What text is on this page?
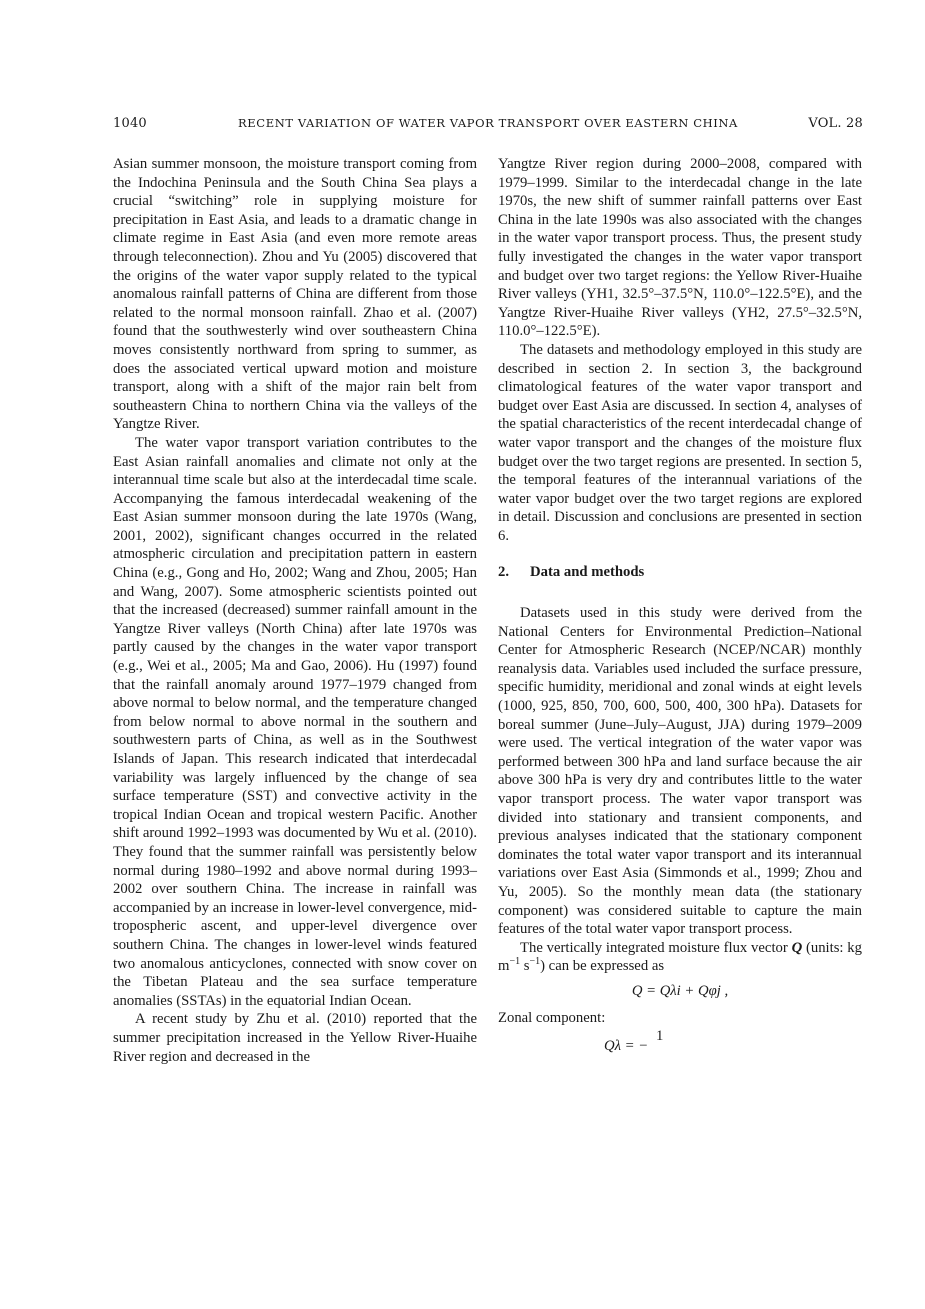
1040	RECENT VARIATION OF WATER VAPOR TRANSPORT OVER EASTERN CHINA	VOL. 28

Asian summer monsoon, the moisture transport coming from the Indochina Peninsula and the South China Sea plays a crucial “switching” role in supplying moisture for precipitation in East Asia, and leads to a dramatic change in climate regime in East Asia (and even more remote areas through teleconnection). Zhou and Yu (2005) discovered that the origins of the water vapor supply related to the typical anomalous rainfall patterns of China are different from those related to the normal monsoon rainfall. Zhao et al. (2007) found that the southwesterly wind over southeastern China moves consistently northward from spring to summer, as does the associated vertical upward motion and moisture transport, along with a shift of the major rain belt from southeastern China to northern China via the valleys of the Yangtze River.

The water vapor transport variation contributes to the East Asian rainfall anomalies and climate not only at the interannual time scale but also at the interdecadal time scale. Accompanying the famous interdecadal weakening of the East Asian summer monsoon during the late 1970s (Wang, 2001, 2002), significant changes occurred in the related atmospheric circulation and precipitation pattern in eastern China (e.g., Gong and Ho, 2002; Wang and Zhou, 2005; Han and Wang, 2007). Some atmospheric scientists pointed out that the increased (decreased) summer rainfall amount in the Yangtze River valleys (North China) after late 1970s was partly caused by the changes in the water vapor transport (e.g., Wei et al., 2005; Ma and Gao, 2006). Hu (1997) found that the rainfall anomaly around 1977–1979 changed from above normal to below normal, and the temperature changed from below normal to above normal in the southern and southwestern parts of China, as well as in the Southwest Islands of Japan. This research indicated that interdecadal variability was largely influenced by the change of sea surface temperature (SST) and convective activity in the tropical Indian Ocean and tropical western Pacific. Another shift around 1992–1993 was documented by Wu et al. (2010). They found that the summer rainfall was persistently below normal during 1980–1992 and above normal during 1993–2002 over southern China. The increase in rainfall was accompanied by an increase in lower-level convergence, mid-tropospheric ascent, and upper-level divergence over southern China. The changes in lower-level winds featured two anomalous anticyclones, connected with snow cover on the Tibetan Plateau and the sea surface temperature anomalies (SSTAs) in the equatorial Indian Ocean.

A recent study by Zhu et al. (2010) reported that the summer precipitation increased in the Yellow River-Huaihe River region and decreased in the

Yangtze River region during 2000–2008, compared with 1979–1999. Similar to the interdecadal change in the late 1970s, the new shift of summer rainfall patterns over East China in the late 1990s was also associated with the changes in the water vapor transport process. Thus, the present study fully investigated the changes in the water vapor transport and budget over two target regions: the Yellow River-Huaihe River valleys (YH1, 32.5°–37.5°N, 110.0°–122.5°E), and the Yangtze River-Huaihe River valleys (YH2, 27.5°–32.5°N, 110.0°–122.5°E).

The datasets and methodology employed in this study are described in section 2. In section 3, the background climatological features of the water vapor transport and budget over East Asia are discussed. In section 4, analyses of the spatial characteristics of the recent interdecadal change of water vapor transport and the changes of the moisture flux budget over the two target regions are presented. In section 5, the temporal features of the interannual variations of the water vapor budget over the two target regions are explored in detail. Discussion and conclusions are presented in section 6.

2. Data and methods

Datasets used in this study were derived from the National Centers for Environmental Prediction–National Center for Atmospheric Research (NCEP/NCAR) monthly reanalysis data. Variables used included the surface pressure, specific humidity, meridional and zonal winds at eight levels (1000, 925, 850, 700, 600, 500, 400, 300 hPa). Datasets for boreal summer (June–July–August, JJA) during 1979–2009 were used. The vertical integration of the water vapor was performed between 300 hPa and land surface because the air above 300 hPa is very dry and contributes little to the water vapor transport process. The water vapor transport was divided into stationary and transient components, and previous analyses indicated that the stationary component dominates the total water vapor transport and its interannual variations over East Asia (Simmonds et al., 1999; Zhou and Yu, 2005). So the monthly mean data (the stationary component) was considered suitable to capture the main features of the total water vapor transport process.

The vertically integrated moisture flux vector Q (units: kg $m^{-1}$ $s^{-1}$) can be expressed as

Q = Qλi + Qφj ,

Zonal component:

1
Qλ = −
